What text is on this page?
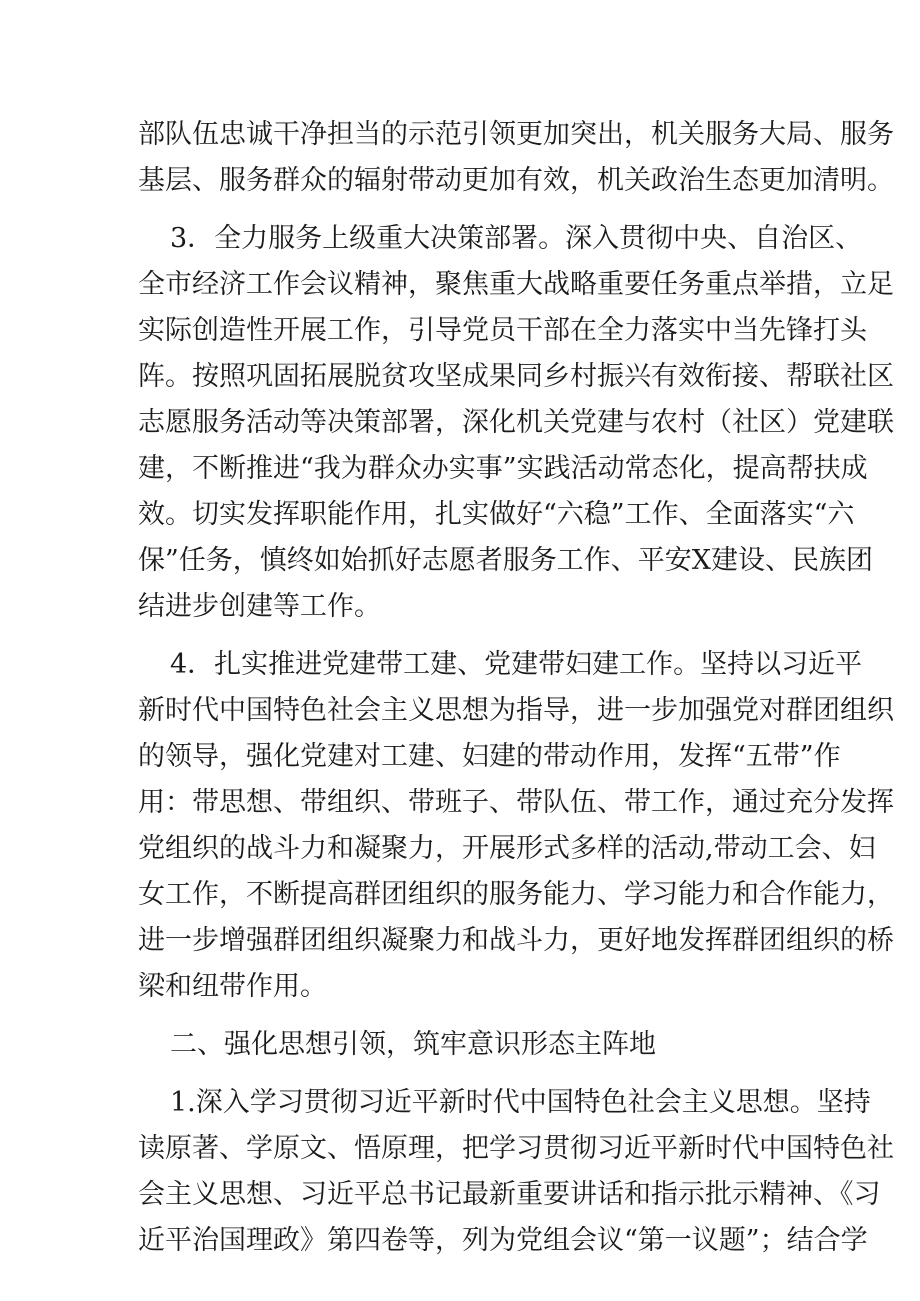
部队伍忠诚干净担当的示范引领更加突出，机关服务大局、服务
基层、服务群众的辐射带动更加有效，机关政治生态更加清明。
3．全力服务上级重大决策部署。深入贯彻中央、自治区、
全市经济工作会议精神，聚焦重大战略重要任务重点举措，立足
实际创造性开展工作，引导党员干部在全力落实中当先锋打头
阵。按照巩固拓展脱贫攻坚成果同乡村振兴有效衔接、帮联社区
志愿服务活动等决策部署，深化机关党建与农村（社区）党建联
建，不断推进“我为群众办实事”实践活动常态化，提高帮扶成
效。切实发挥职能作用，扎实做好“六稳”工作、全面落实“六
保”任务，慎终如始抓好志愿者服务工作、平安X建设、民族团
结进步创建等工作。
4．扎实推进党建带工建、党建带妇建工作。坚持以习近平
新时代中国特色社会主义思想为指导，进一步加强党对群团组织
的领导，强化党建对工建、妇建的带动作用，发挥“五带”作
用：带思想、带组织、带班子、带队伍、带工作，通过充分发挥
党组织的战斗力和凝聚力，开展形式多样的活动,带动工会、妇
女工作，不断提高群团组织的服务能力、学习能力和合作能力，
进一步增强群团组织凝聚力和战斗力，更好地发挥群团组织的桥
梁和纽带作用。
二、强化思想引领，筑牢意识形态主阵地
1.深入学习贯彻习近平新时代中国特色社会主义思想。坚持
读原著、学原文、悟原理，把学习贯彻习近平新时代中国特色社
会主义思想、习近平总书记最新重要讲话和指示批示精神、《习
近平治国理政》第四卷等，列为党组会议“第一议题”；结合学
